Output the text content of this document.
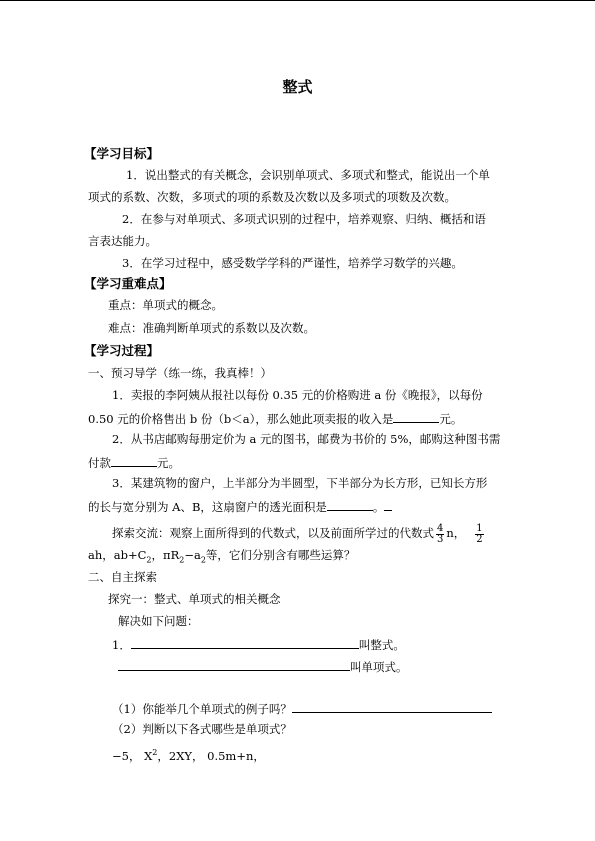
整式
【学习目标】
1．说出整式的有关概念，会识别单项式、多项式和整式，能说出一个单
项式的系数、次数，多项式的项的系数及次数以及多项式的项数及次数。
2．在参与对单项式、多项式识别的过程中，培养观察、归纳、概括和语
言表达能力。
3．在学习过程中，感受数学学科的严谨性，培养学习数学的兴趣。
【学习重难点】
重点：单项式的概念。
难点：准确判断单项式的系数以及次数。
【学习过程】
一、预习导学（练一练，我真棒！）
1．卖报的李阿姨从报社以每份 0.35 元的价格购进 a 份《晚报》，以每份
0.50 元的价格售出 b 份（b＜a），那么她此项卖报的收入是	元。
2．从书店邮购每册定价为 a 元的图书，邮费为书价的 5%，邮购这种图书需
付款	元。
3．某建筑物的窗户，上半部分为半圆型，下半部分为长方形，已知长方形
的长与宽分别为 A、B，这扇窗户的透光面积是	。
探索交流：观察上面所得到的代数式，以及前面所学过的代数式 $\frac{4}{3}$ n， $\frac{1}{2}$
ah，$ab+C_2$，$\pi R_2-a_2$等，它们分别含有哪些运算？
二、自主探索
探究一：整式、单项式的相关概念
解决如下问题：
1．	叫整式。
叫单项式。
（1）你能举几个单项式的例子吗？
（2）判断以下各式哪些是单项式？
−5， $X^2$，2XY， 0.5m+n，
